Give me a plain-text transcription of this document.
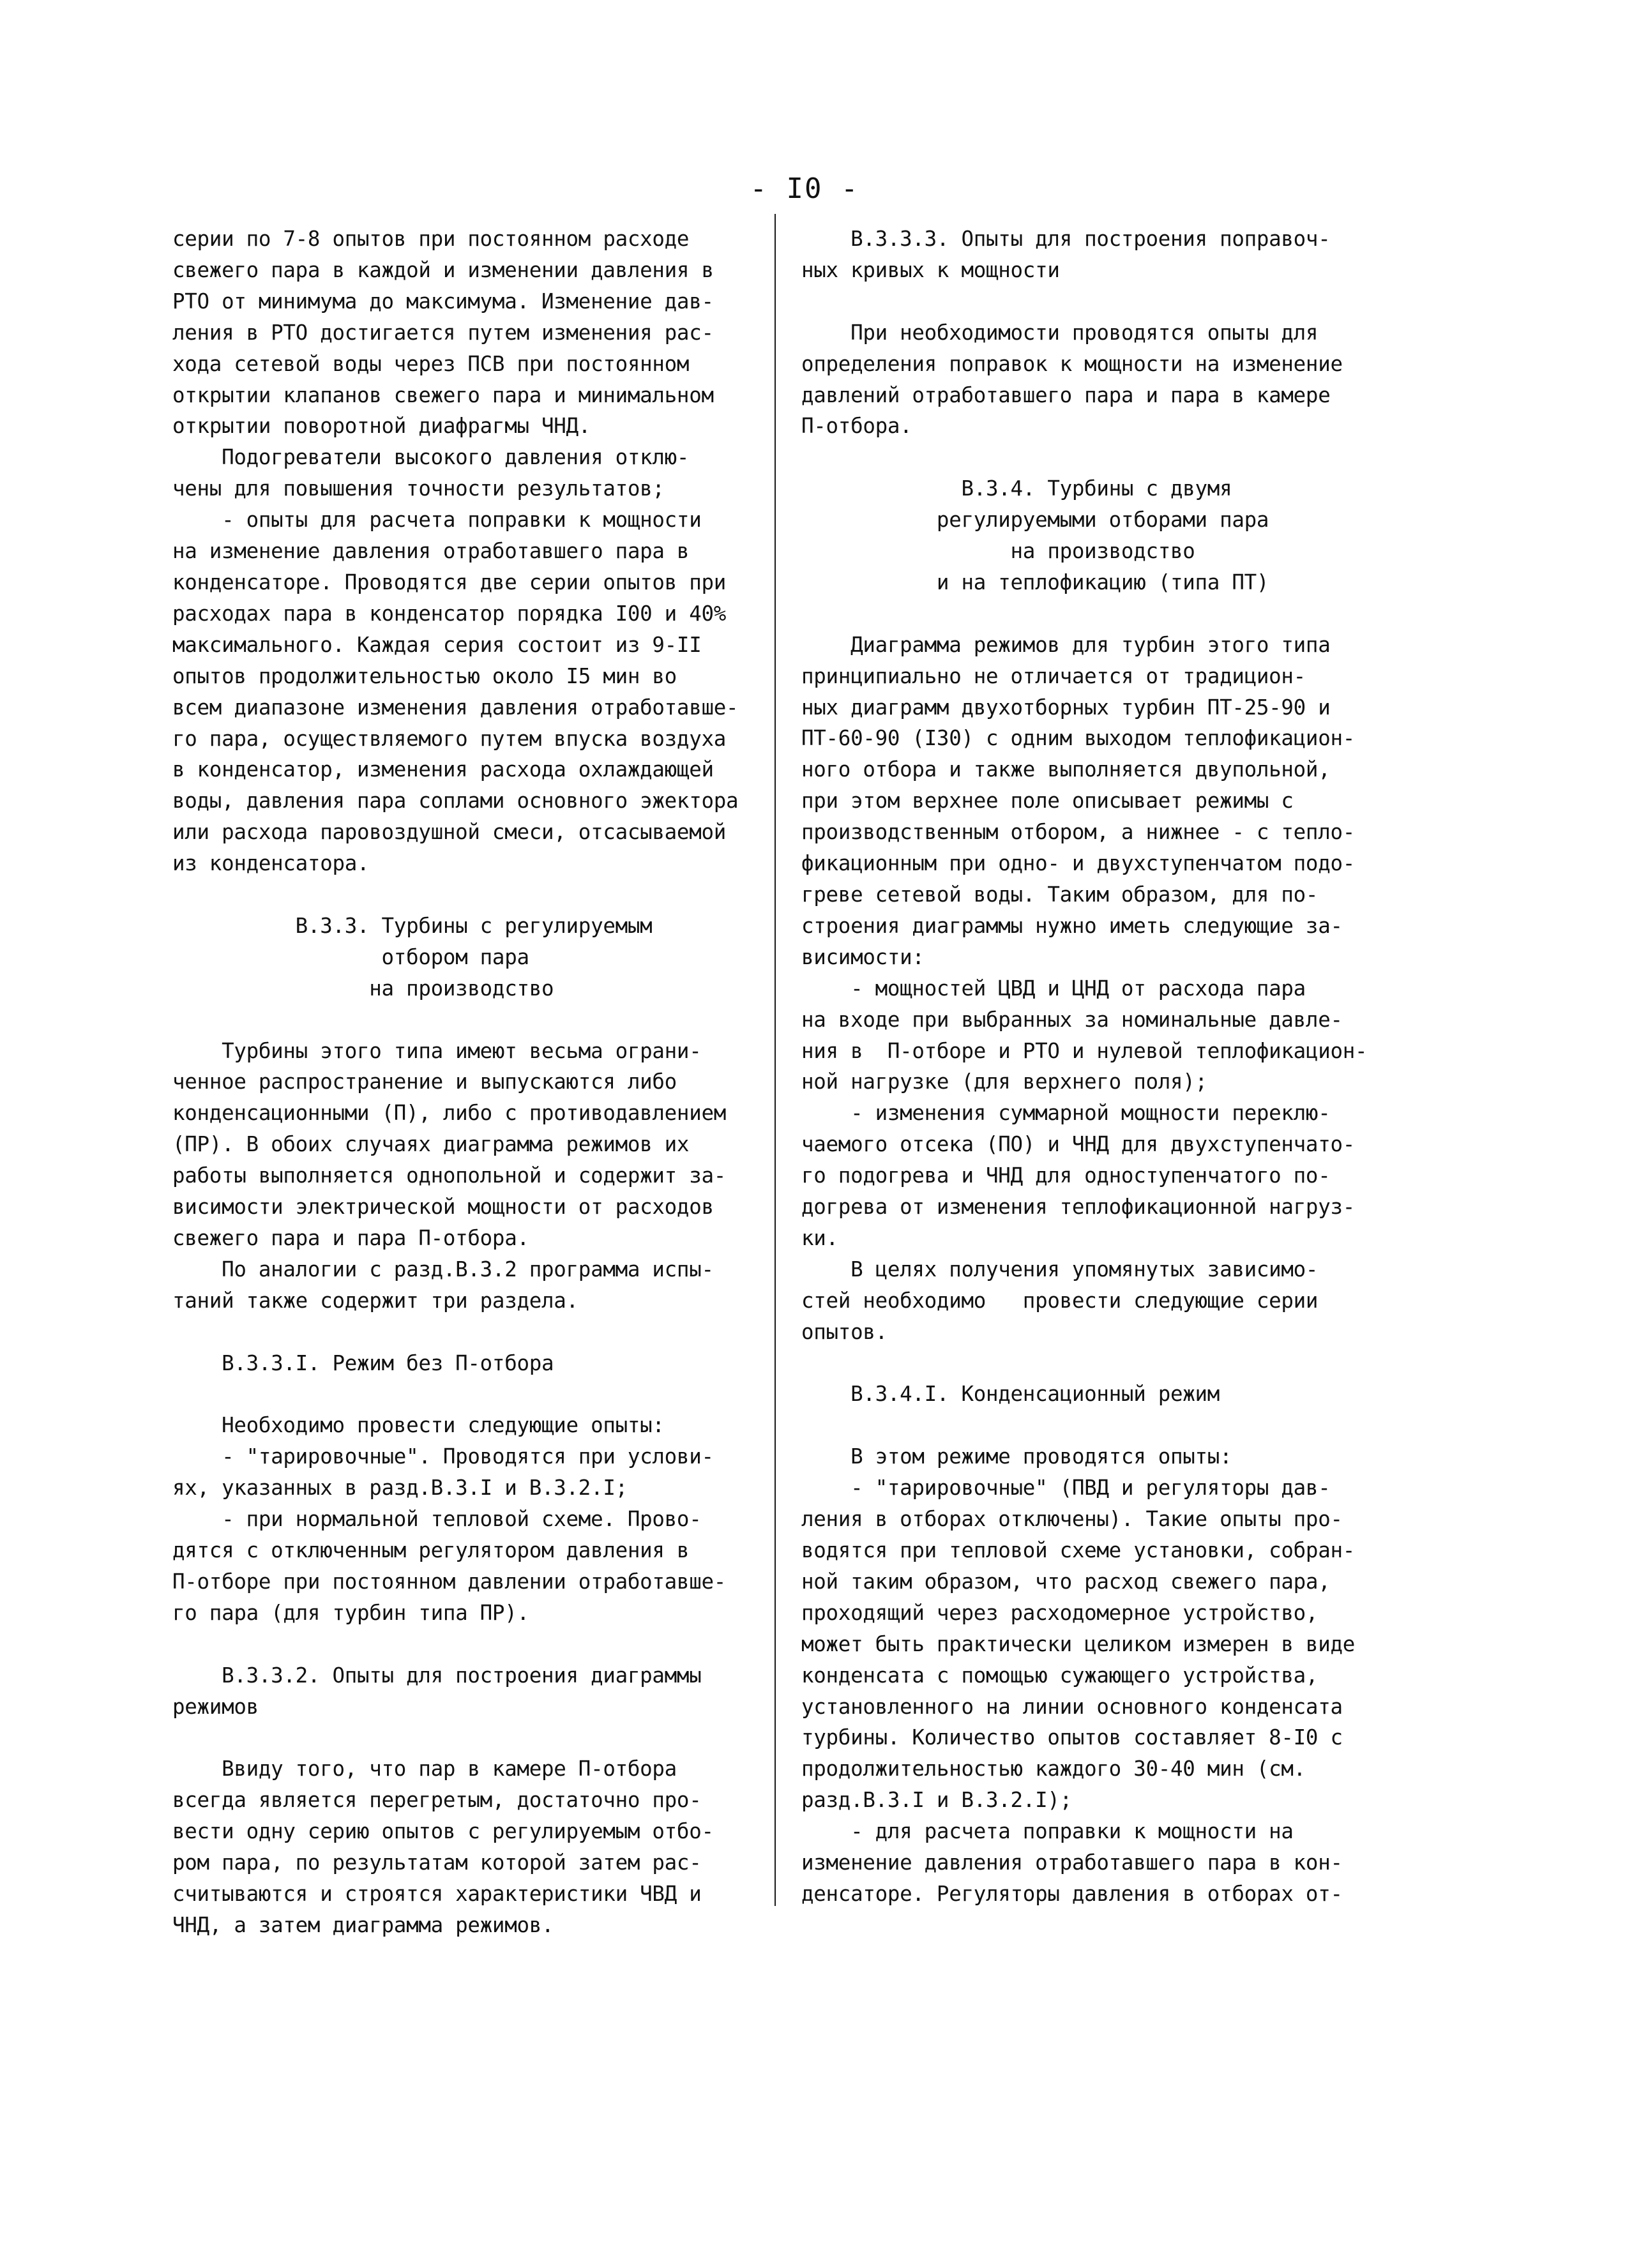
- I0 -
серии по 7-8 опытов при постоянном расходе
свежего пара в каждой и изменении давления в
РТО от минимума до максимума. Изменение дав-
ления в РТО достигается путем изменения рас-
хода сетевой воды через ПСВ при постоянном
открытии клапанов свежего пара и минимальном
открытии поворотной диафрагмы ЧНД.
Подогреватели высокого давления отклю-
чены для повышения точности результатов;
- опыты для расчета поправки к мощности
на изменение давления отработавшего пара в
конденсаторе. Проводятся две серии опытов при
расходах пара в конденсатор порядка I00 и 40%
максимального. Каждая серия состоит из 9-II
опытов продолжительностью около I5 мин во
всем диапазоне изменения давления отработавше-
го пара, осуществляемого путем впуска воздуха
в конденсатор, изменения расхода охлаждающей
воды, давления пара соплами основного эжектора
или расхода паровоздушной смеси, отсасываемой
из конденсатора.
В.3.3. Турбины с регулируемым
отбором пара
на производство
Турбины этого типа имеют весьма ограни-
ченное распространение и выпускаются либо
конденсационными (П), либо с противодавлением
(ПР). В обоих случаях диаграмма режимов их
работы выполняется однопольной и содержит за-
висимости электрической мощности от расходов
свежего пара и пара П-отбора.
По аналогии с разд.В.3.2 программа испы-
таний также содержит три раздела.
В.3.3.I. Режим без П-отбора
Необходимо провести следующие опыты:
- "тарировочные". Проводятся при услови-
ях, указанных в разд.В.3.I и В.3.2.I;
- при нормальной тепловой схеме. Прово-
дятся с отключенным регулятором давления в
П-отборе при постоянном давлении отработавше-
го пара (для турбин типа ПР).
В.3.3.2. Опыты для построения диаграммы
режимов
Ввиду того, что пар в камере П-отбора
всегда является перегретым, достаточно про-
вести одну серию опытов с регулируемым отбо-
ром пара, по результатам которой затем рас-
считываются и строятся характеристики ЧВД и
ЧНД, а затем диаграмма режимов.
В.3.3.3. Опыты для построения поправоч-
ных кривых к мощности
При необходимости проводятся опыты для
определения поправок к мощности на изменение
давлений отработавшего пара и пара в камере
П-отбора.
В.3.4. Турбины с двумя
регулируемыми отборами пара
на производство
и на теплофикацию (типа ПТ)
Диаграмма режимов для турбин этого типа
принципиально не отличается от традицион-
ных диаграмм двухотборных турбин ПТ-25-90 и
ПТ-60-90 (I30) с одним выходом теплофикацион-
ного отбора и также выполняется двупольной,
при этом верхнее поле описывает режимы с
производственным отбором, а нижнее - с тепло-
фикационным при одно- и двухступенчатом подо-
греве сетевой воды. Таким образом, для по-
строения диаграммы нужно иметь следующие за-
висимости:
- мощностей ЦВД и ЦНД от расхода пара
на входе при выбранных за номинальные давле-
ния в  П-отборе и РТО и нулевой теплофикацион-
ной нагрузке (для верхнего поля);
- изменения суммарной мощности переклю-
чаемого отсека (ПО) и ЧНД для двухступенчато-
го подогрева и ЧНД для одноступенчатого по-
догрева от изменения теплофикационной нагруз-
ки.
В целях получения упомянутых зависимо-
стей необходимо   провести следующие серии
опытов.
В.3.4.I. Конденсационный режим
В этом режиме проводятся опыты:
- "тарировочные" (ПВД и регуляторы дав-
ления в отборах отключены). Такие опыты про-
водятся при тепловой схеме установки, собран-
ной таким образом, что расход свежего пара,
проходящий через расходомерное устройство,
может быть практически целиком измерен в виде
конденсата с помощью сужающего устройства,
установленного на линии основного конденсата
турбины. Количество опытов составляет 8-I0 с
продолжительностью каждого 30-40 мин (см.
разд.В.3.I и В.3.2.I);
- для расчета поправки к мощности на
изменение давления отработавшего пара в кон-
денсаторе. Регуляторы давления в отборах от-
